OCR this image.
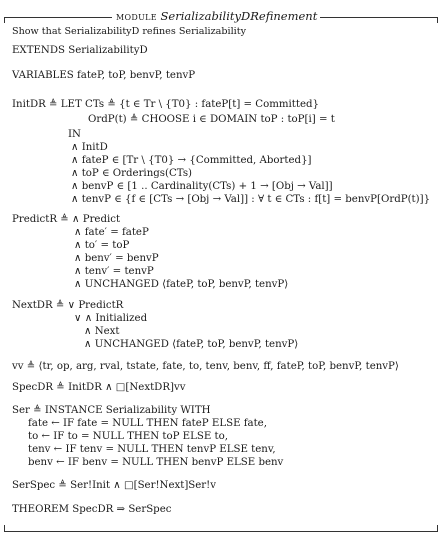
module SerializabilityDRefinement
Show that SerializabilityD refines Serializability
EXTENDS SerializabilityD
VARIABLES fateP, toP, benvP, tenvP
InitDR ≜ LET CTs ≜ {t ∈ Tr \ {T0} : fateP[t] = Committed}
OrdP(t) ≜ CHOOSE i ∈ DOMAIN toP : toP[i] = t
IN
∧ InitD
∧ fateP ∈ [Tr \ {T0} → {Committed, Aborted}]
∧ toP ∈ Orderings(CTs)
∧ benvP ∈ [1 .. Cardinality(CTs) + 1 → [Obj → Val]]
∧ tenvP ∈ {f ∈ [CTs → [Obj → Val]] : ∀ t ∈ CTs : f[t] = benvP[OrdP(t)]}
PredictR ≜ ∧ Predict
∧ fate′ = fateP
∧ to′ = toP
∧ benv′ = benvP
∧ tenv′ = tenvP
∧ UNCHANGED ⟨fateP, toP, benvP, tenvP⟩
NextDR ≜ ∨ PredictR
∨ ∧ Initialized
∧ Next
∧ UNCHANGED ⟨fateP, toP, benvP, tenvP⟩
vv ≜ ⟨tr, op, arg, rval, tstate, fate, to, tenv, benv, ff, fateP, toP, benvP, tenvP⟩
SpecDR ≜ InitDR ∧ □[NextDR]vv
Ser ≜ INSTANCE Serializability WITH
fate ← IF fate = NULL THEN fateP ELSE fate,
to ← IF to = NULL THEN toP ELSE to,
tenv ← IF tenv = NULL THEN tenvP ELSE tenv,
benv ← IF benv = NULL THEN benvP ELSE benv
SerSpec ≜ Ser!Init ∧ □[Ser!Next]Ser!v
THEOREM SpecDR ⇒ SerSpec
